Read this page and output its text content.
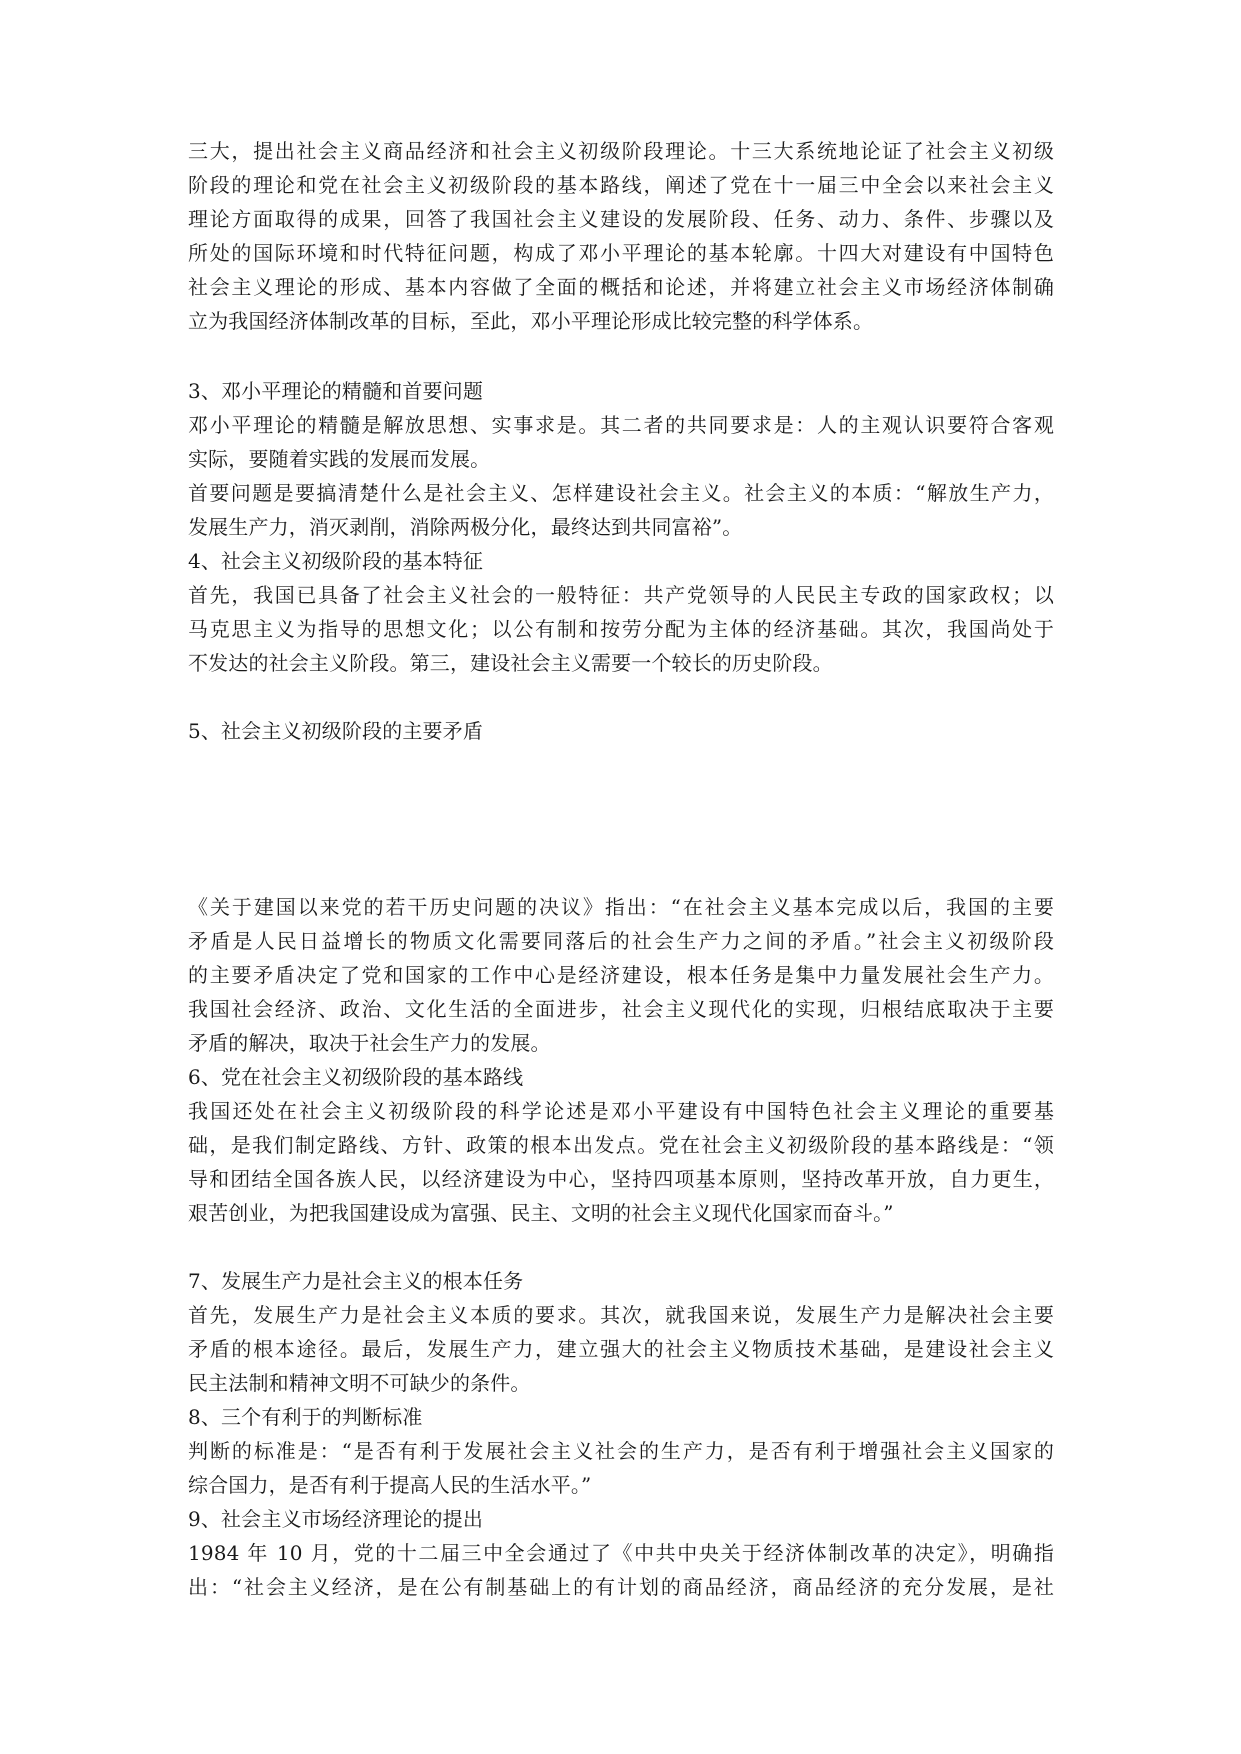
三大，提出社会主义商品经济和社会主义初级阶段理论。十三大系统地论证了社会主义初级
阶段的理论和党在社会主义初级阶段的基本路线，阐述了党在十一届三中全会以来社会主义
理论方面取得的成果，回答了我国社会主义建设的发展阶段、任务、动力、条件、步骤以及
所处的国际环境和时代特征问题，构成了邓小平理论的基本轮廓。十四大对建设有中国特色
社会主义理论的形成、基本内容做了全面的概括和论述，并将建立社会主义市场经济体制确
立为我国经济体制改革的目标，至此，邓小平理论形成比较完整的科学体系。
3、邓小平理论的精髓和首要问题
邓小平理论的精髓是解放思想、实事求是。其二者的共同要求是：人的主观认识要符合客观
实际，要随着实践的发展而发展。
首要问题是要搞清楚什么是社会主义、怎样建设社会主义。社会主义的本质：“解放生产力，
发展生产力，消灭剥削，消除两极分化，最终达到共同富裕”。
4、社会主义初级阶段的基本特征
首先，我国已具备了社会主义社会的一般特征：共产党领导的人民民主专政的国家政权；以
马克思主义为指导的思想文化；以公有制和按劳分配为主体的经济基础。其次，我国尚处于
不发达的社会主义阶段。第三，建设社会主义需要一个较长的历史阶段。
5、社会主义初级阶段的主要矛盾
《关于建国以来党的若干历史问题的决议》指出：“在社会主义基本完成以后，我国的主要
矛盾是人民日益增长的物质文化需要同落后的社会生产力之间的矛盾。”社会主义初级阶段
的主要矛盾决定了党和国家的工作中心是经济建设，根本任务是集中力量发展社会生产力。
我国社会经济、政治、文化生活的全面进步，社会主义现代化的实现，归根结底取决于主要
矛盾的解决，取决于社会生产力的发展。
6、党在社会主义初级阶段的基本路线
我国还处在社会主义初级阶段的科学论述是邓小平建设有中国特色社会主义理论的重要基
础，是我们制定路线、方针、政策的根本出发点。党在社会主义初级阶段的基本路线是：“领
导和团结全国各族人民，以经济建设为中心，坚持四项基本原则，坚持改革开放，自力更生，
艰苦创业，为把我国建设成为富强、民主、文明的社会主义现代化国家而奋斗。”
7、发展生产力是社会主义的根本任务
首先，发展生产力是社会主义本质的要求。其次，就我国来说，发展生产力是解决社会主要
矛盾的根本途径。最后，发展生产力，建立强大的社会主义物质技术基础，是建设社会主义
民主法制和精神文明不可缺少的条件。
8、三个有利于的判断标准
判断的标准是：“是否有利于发展社会主义社会的生产力，是否有利于增强社会主义国家的
综合国力，是否有利于提高人民的生活水平。”
9、社会主义市场经济理论的提出
1984 年 10 月，党的十二届三中全会通过了《中共中央关于经济体制改革的决定》，明确指
出：“社会主义经济，是在公有制基础上的有计划的商品经济，商品经济的充分发展，是社
